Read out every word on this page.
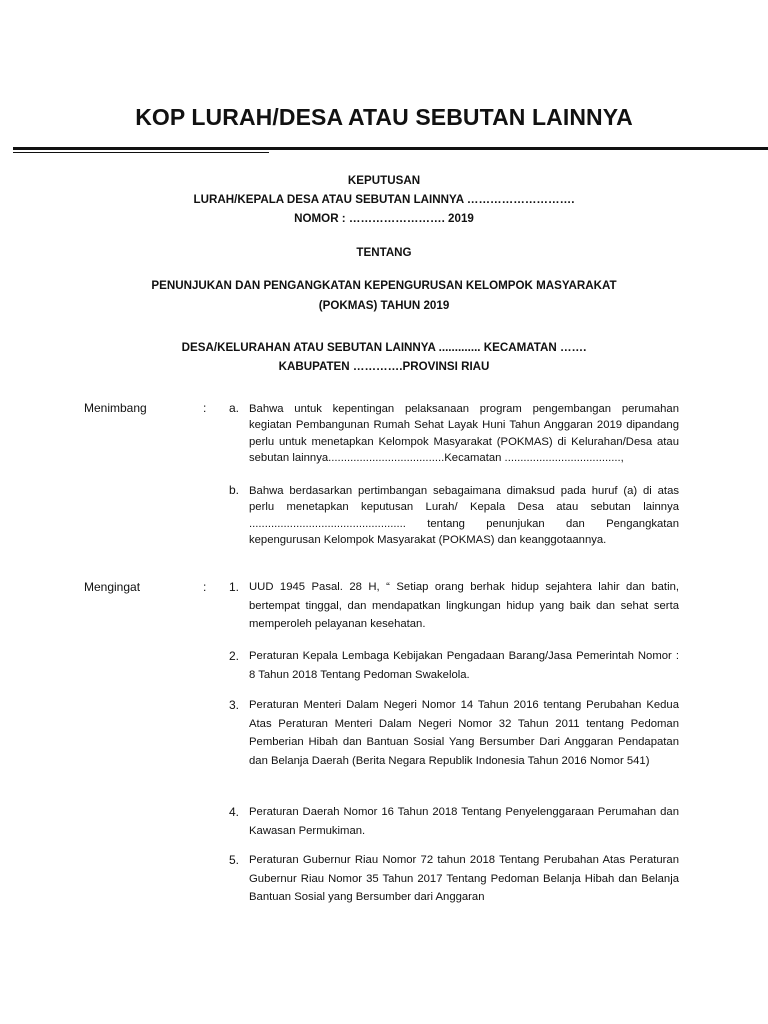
KOP LURAH/DESA ATAU SEBUTAN LAINNYA
KEPUTUSAN
LURAH/KEPALA DESA ATAU SEBUTAN LAINNYA ……………………….
NOMOR : ……………………. 2019
TENTANG
PENUNJUKAN DAN PENGANGKATAN KEPENGURUSAN KELOMPOK MASYARAKAT
(POKMAS) TAHUN 2019
DESA/KELURAHAN ATAU SEBUTAN LAINNYA ............. KECAMATAN …….
KABUPATEN ………….PROVINSI RIAU
Menimbang	: a. Bahwa untuk kepentingan pelaksanaan program pengembangan perumahan kegiatan Pembangunan Rumah Sehat Layak Huni Tahun Anggaran 2019 dipandang perlu untuk menetapkan Kelompok Masyarakat (POKMAS) di Kelurahan/Desa atau sebutan lainnya.....................................Kecamatan .....................................,

b. Bahwa berdasarkan pertimbangan sebagaimana dimaksud pada huruf (a) di atas perlu menetapkan keputusan Lurah/ Kepala Desa atau sebutan lainnya .................................................. tentang penunjukan dan Pengangkatan kepengurusan Kelompok Masyarakat (POKMAS) dan keanggotaannya.

Mengingat	: 1. UUD 1945 Pasal. 28 H, “ Setiap orang berhak hidup sejahtera lahir dan batin, bertempat tinggal, dan mendapatkan lingkungan hidup yang baik dan sehat serta memperoleh pelayanan kesehatan.

2. Peraturan Kepala Lembaga Kebijakan Pengadaan Barang/Jasa Pemerintah Nomor : 8 Tahun 2018 Tentang Pedoman Swakelola.

3. Peraturan Menteri Dalam Negeri Nomor 14 Tahun 2016 tentang Perubahan Kedua Atas Peraturan Menteri Dalam Negeri Nomor 32 Tahun 2011 tentang Pedoman Pemberian Hibah dan Bantuan Sosial Yang Bersumber Dari Anggaran Pendapatan dan Belanja Daerah (Berita Negara Republik Indonesia Tahun 2016 Nomor 541)

4. Peraturan Daerah Nomor 16 Tahun 2018 Tentang Penyelenggaraan Perumahan dan Kawasan Permukiman.

5. Peraturan Gubernur Riau Nomor 72 tahun 2018 Tentang Perubahan Atas Peraturan Gubernur Riau Nomor 35 Tahun 2017 Tentang Pedoman Belanja Hibah dan Belanja Bantuan Sosial yang Bersumber dari Anggaran
